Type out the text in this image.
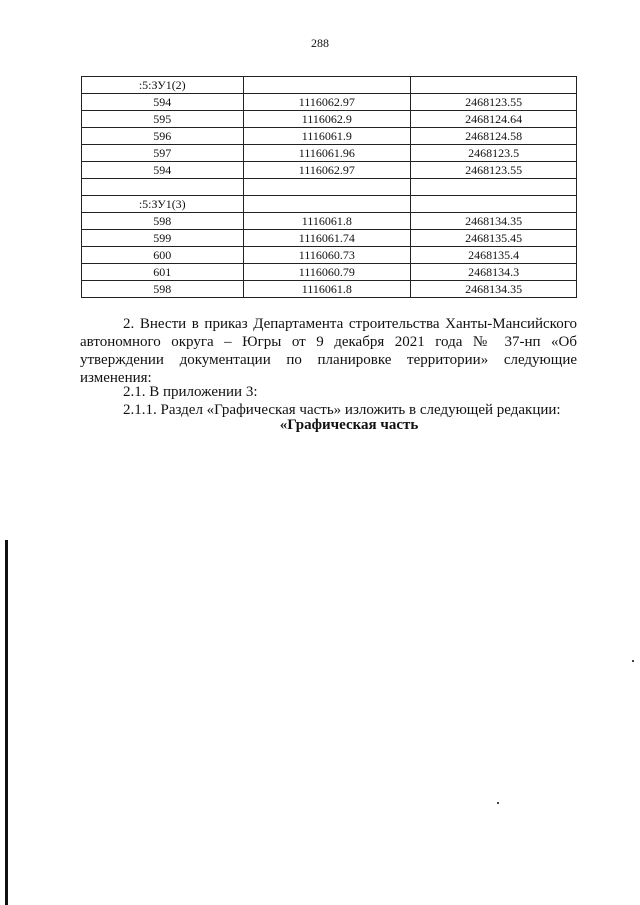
288
:5:ЗУ1(2)		
594	1116062.97	2468123.55
595	1116062.9	2468124.64
596	1116061.9	2468124.58
597	1116061.96	2468123.5
594	1116062.97	2468123.55

:5:ЗУ1(3)		
598	1116061.8	2468134.35
599	1116061.74	2468135.45
600	1116060.73	2468135.4
601	1116060.79	2468134.3
598	1116061.8	2468134.35
2. Внести в приказ Департамента строительства Ханты-Мансийского автономного округа – Югры от 9 декабря 2021 года № 37-нп «Об утверждении документации по планировке территории» следующие изменения:
2.1. В приложении 3:
2.1.1. Раздел «Графическая часть» изложить в следующей редакции:
«Графическая часть
